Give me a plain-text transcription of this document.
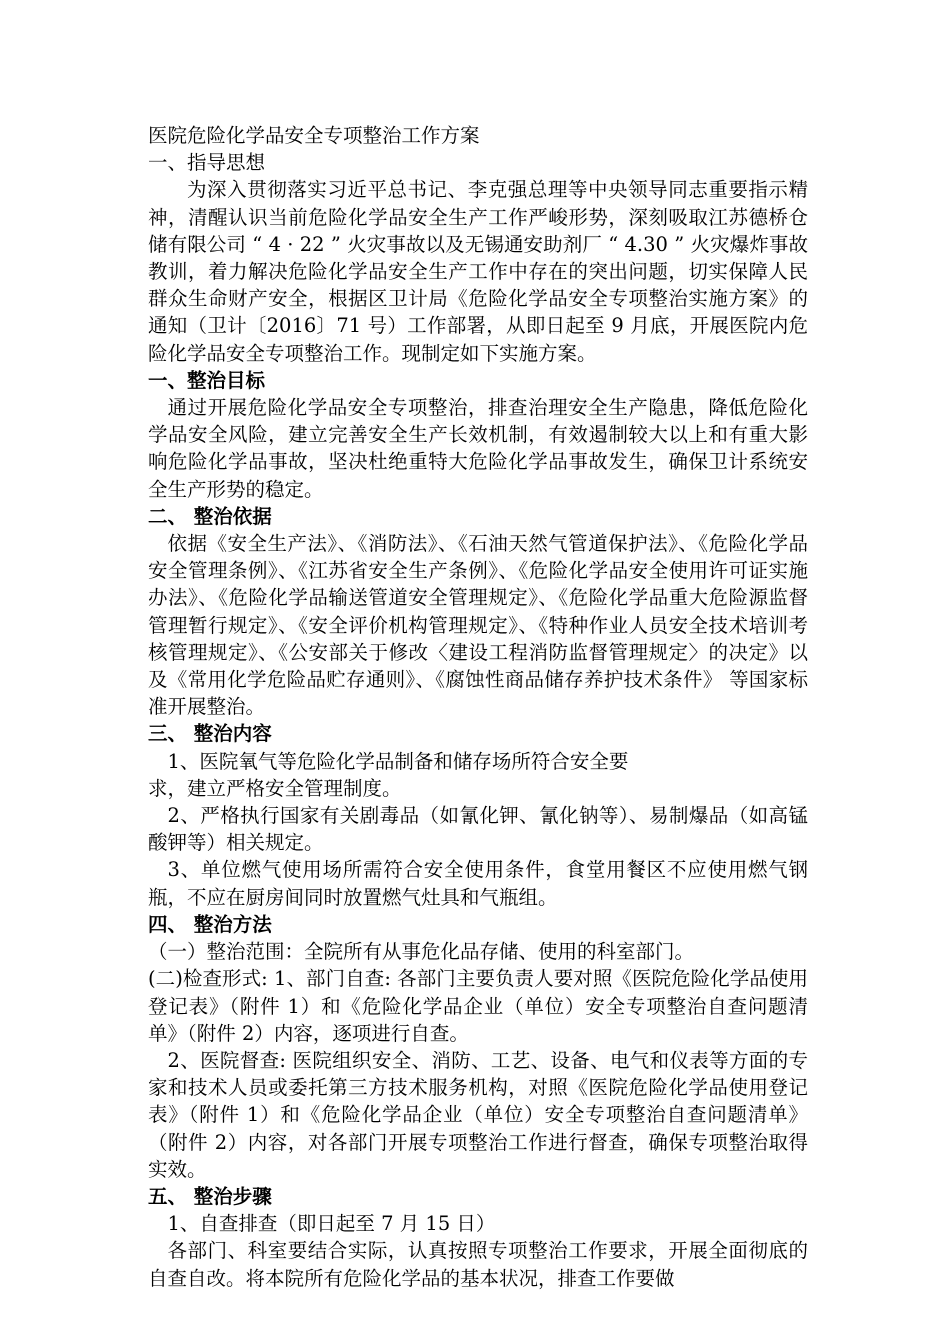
医院危险化学品安全专项整治工作方案

一、指导思想

为深入贯彻落实习近平总书记、李克强总理等中央领导同志重要指示精神，清醒认识当前危险化学品安全生产工作严峻形势，深刻吸取江苏德桥仓储有限公司 “ 4 · 22 ” 火灾事故以及无锡通安助剂厂 “ 4.30 ” 火灾爆炸事故教训，着力解决危险化学品安全生产工作中存在的突出问题，切实保障人民群众生命财产安全，根据区卫计局《危险化学品安全专项整治实施方案》的通知（卫计〔2016〕71 号）工作部署，从即日起至 9 月底，开展医院内危险化学品安全专项整治工作。现制定如下实施方案。

一、整治目标

通过开展危险化学品安全专项整治，排查治理安全生产隐患，降低危险化学品安全风险，建立完善安全生产长效机制，有效遏制较大以上和有重大影响危险化学品事故，坚决杜绝重特大危险化学品事故发生，确保卫计系统安全生产形势的稳定。

二、 整治依据

依据《安全生产法》、《消防法》、《石油天然气管道保护法》、《危险化学品安全管理条例》、《江苏省安全生产条例》、《危险化学品安全使用许可证实施办法》、《危险化学品输送管道安全管理规定》、《危险化学品重大危险源监督管理暂行规定》、《安全评价机构管理规定》、《特种作业人员安全技术培训考核管理规定》、《公安部关于修改〈建设工程消防监督管理规定〉的决定》以及《常用化学危险品贮存通则》、《腐蚀性商品储存养护技术条件》 等国家标准开展整治。

三、 整治内容

1、医院氧气等危险化学品制备和储存场所符合安全要

求，建立严格安全管理制度。

2、严格执行国家有关剧毒品（如氰化钾、氰化钠等）、易制爆品（如高锰酸钾等）相关规定。

3、单位燃气使用场所需符合安全使用条件，食堂用餐区不应使用燃气钢瓶，不应在厨房间同时放置燃气灶具和气瓶组。

四、 整治方法

（一）整治范围：全院所有从事危化品存储、使用的科室部门。

(二)检查形式: 1、部门自查: 各部门主要负责人要对照《医院危险化学品使用登记表》（附件 1）和《危险化学品企业（单位）安全专项整治自查问题清单》（附件 2）内容，逐项进行自查。

2、医院督查: 医院组织安全、消防、工艺、设备、电气和仪表等方面的专家和技术人员或委托第三方技术服务机构，对照《医院危险化学品使用登记表》（附件 1）和《危险化学品企业（单位）安全专项整治自查问题清单》（附件 2）内容，对各部门开展专项整治工作进行督查，确保专项整治取得实效。

五、 整治步骤

1、自查排查（即日起至 7 月 15 日）

各部门、科室要结合实际，认真按照专项整治工作要求，开展全面彻底的自查自改。将本院所有危险化学品的基本状况，排查工作要做
